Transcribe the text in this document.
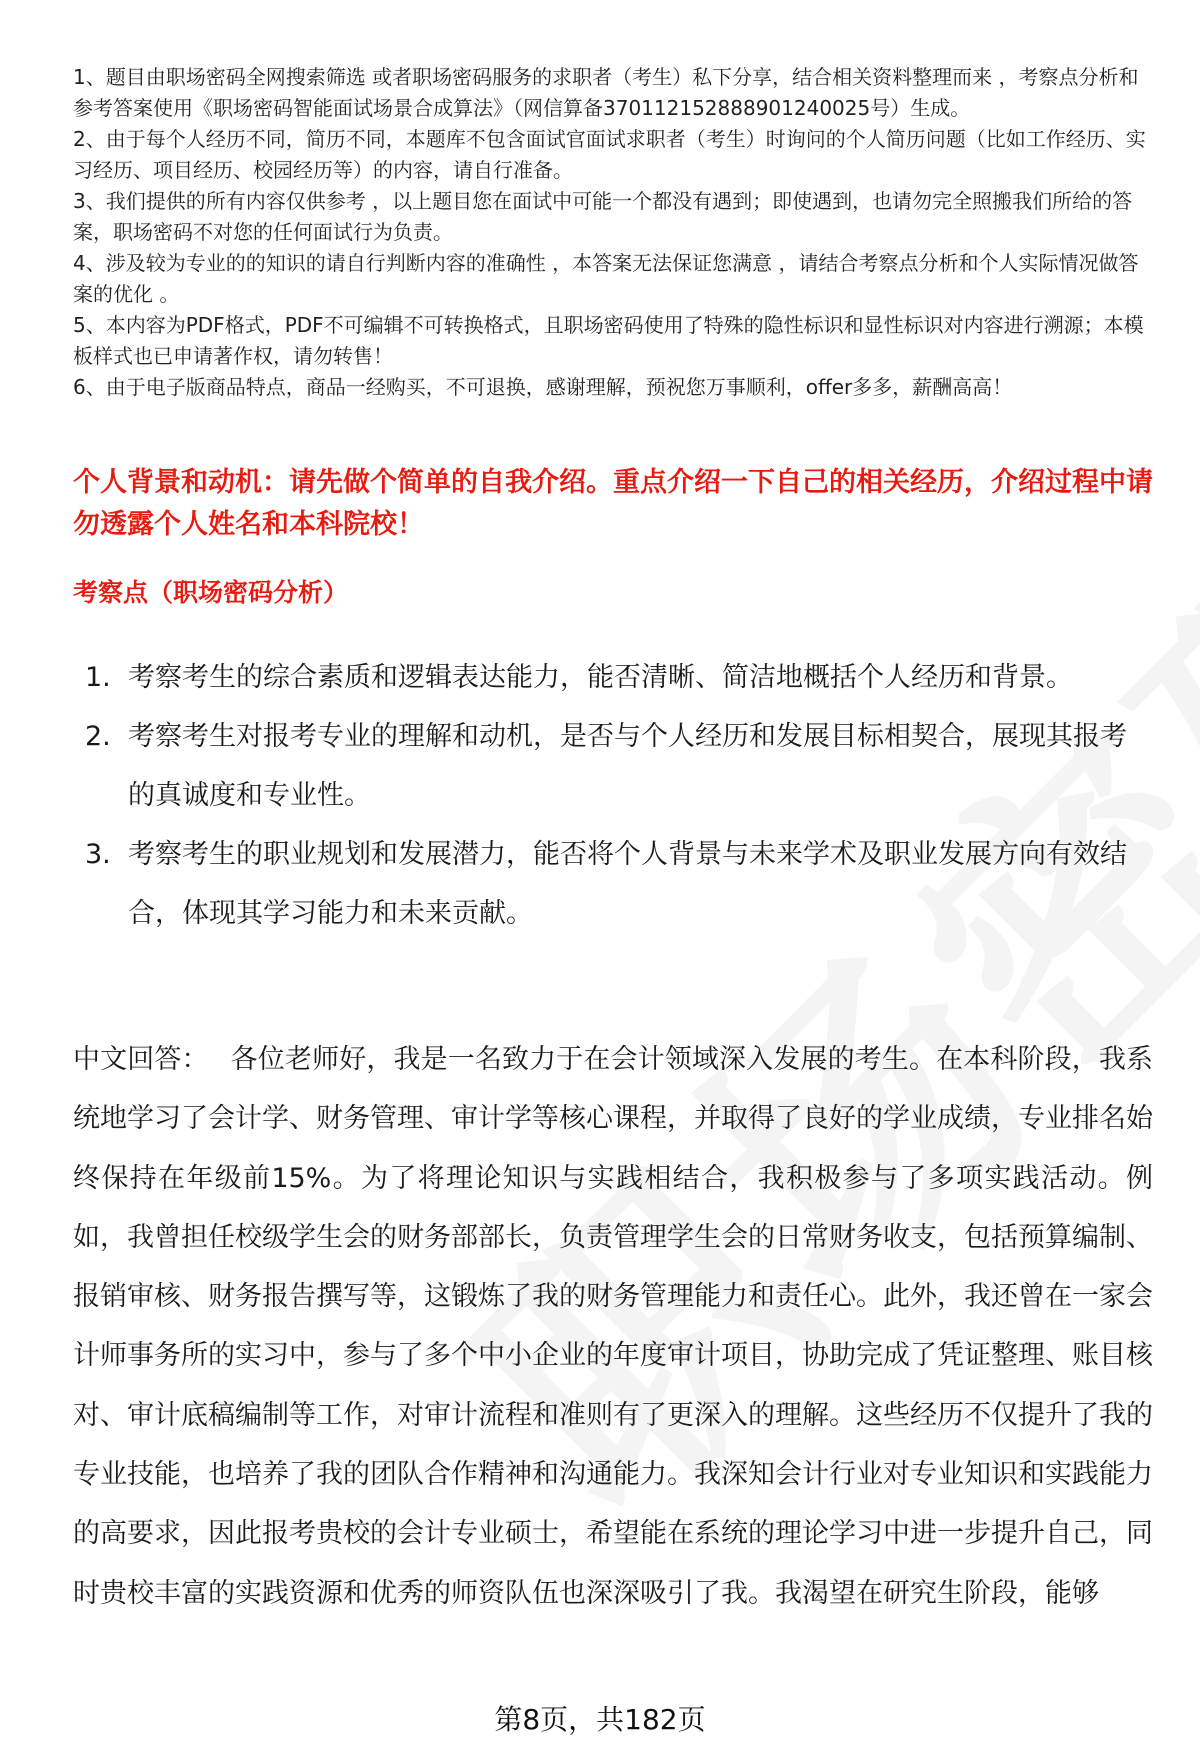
1、题目由职场密码全网搜索筛选 或者职场密码服务的求职者（考生）私下分享，结合相关资料整理而来 ，考察点分析和参考答案使用《职场密码智能面试场景合成算法》（网信算备370112152888901240025号）生成。
2、由于每个人经历不同，简历不同，本题库不包含面试官面试求职者（考生）时询问的个人简历问题（比如工作经历、实习经历、项目经历、校园经历等）的内容，请自行准备。
3、我们提供的所有内容仅供参考 ，以上题目您在面试中可能一个都没有遇到；即使遇到，也请勿完全照搬我们所给的答案，职场密码不对您的任何面试行为负责。
4、涉及较为专业的的知识的请自行判断内容的准确性 ，本答案无法保证您满意 ，请结合考察点分析和个人实际情况做答案的优化 。
5、本内容为PDF格式，PDF不可编辑不可转换格式，且职场密码使用了特殊的隐性标识和显性标识对内容进行溯源；本模板样式也已申请著作权，请勿转售！
6、由于电子版商品特点，商品一经购买，不可退换，感谢理解，预祝您万事顺利，offer多多，薪酬高高！

个人背景和动机：请先做个简单的自我介绍。重点介绍一下自己的相关经历，介绍过程中请勿透露个人姓名和本科院校！

考察点（职场密码分析）

1. 考察考生的综合素质和逻辑表达能力，能否清晰、简洁地概括个人经历和背景。
2. 考察考生对报考专业的理解和动机，是否与个人经历和发展目标相契合，展现其报考的真诚度和专业性。
3. 考察考生的职业规划和发展潜力，能否将个人背景与未来学术及职业发展方向有效结合，体现其学习能力和未来贡献。

中文回答： 各位老师好，我是一名致力于在会计领域深入发展的考生。在本科阶段，我系统地学习了会计学、财务管理、审计学等核心课程，并取得了良好的学业成绩，专业排名始终保持在年级前15%。为了将理论知识与实践相结合，我积极参与了多项实践活动。例如，我曾担任校级学生会的财务部部长，负责管理学生会的日常财务收支，包括预算编制、报销审核、财务报告撰写等，这锻炼了我的财务管理能力和责任心。此外，我还曾在一家会计师事务所的实习中，参与了多个中小企业的年度审计项目，协助完成了凭证整理、账目核对、审计底稿编制等工作，对审计流程和准则有了更深入的理解。这些经历不仅提升了我的专业技能，也培养了我的团队合作精神和沟通能力。我深知会计行业对专业知识和实践能力的高要求，因此报考贵校的会计专业硕士，希望能在系统的理论学习中进一步提升自己，同时贵校丰富的实践资源和优秀的师资队伍也深深吸引了我。我渴望在研究生阶段，能够

第8页，共182页
